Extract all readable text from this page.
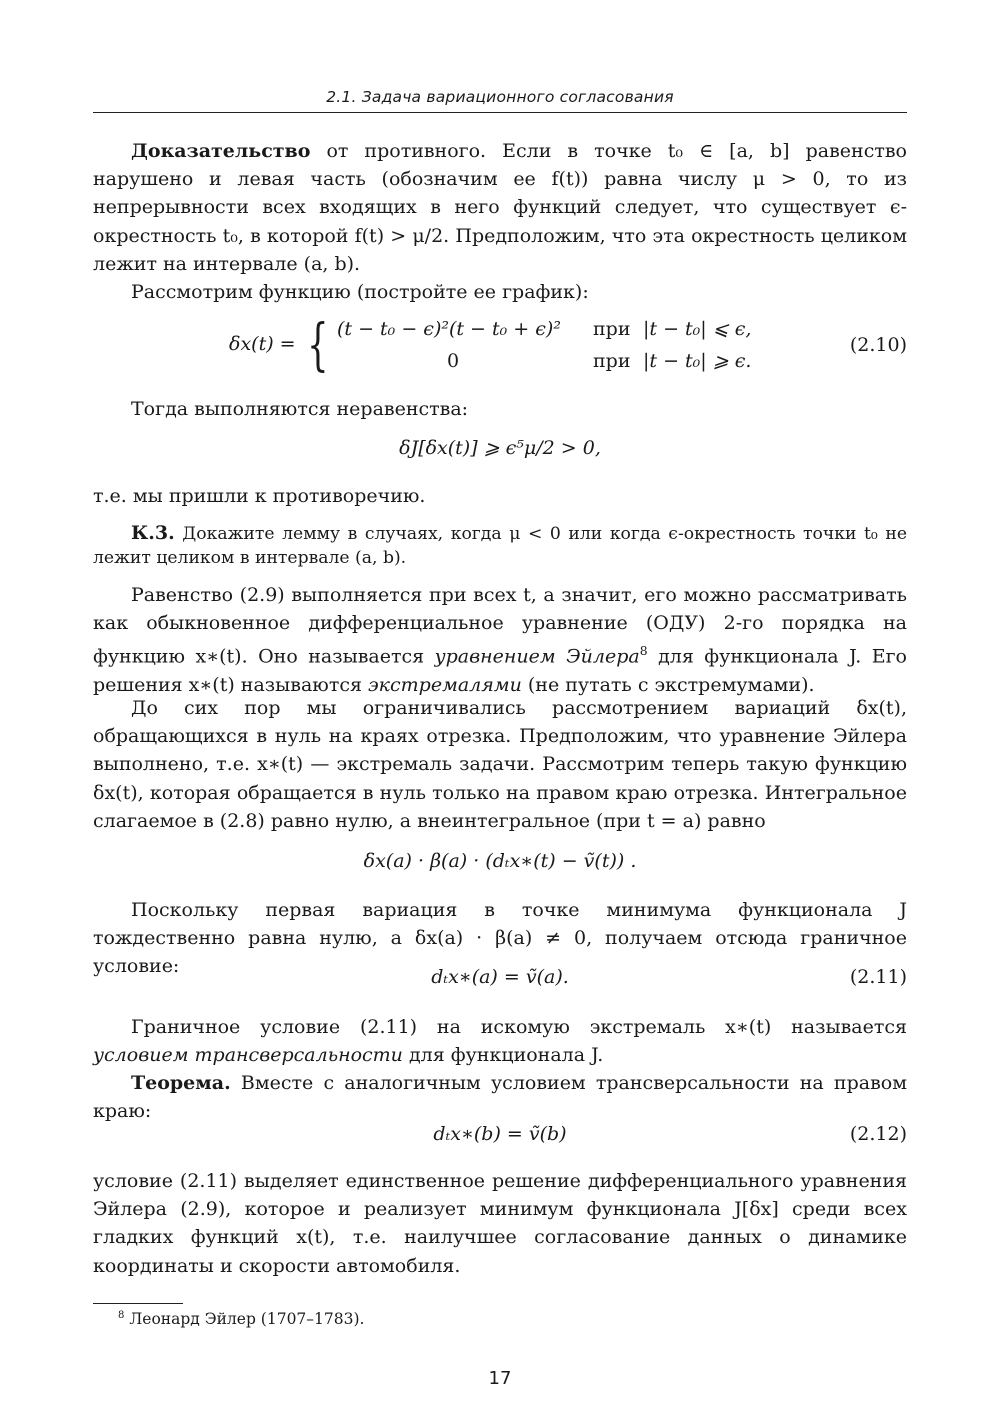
2.1. Задача вариационного согласования

Доказательство от противного. Если в точке t₀ ∈ [a, b] равенство нарушено и левая часть (обозначим ее f(t)) равна числу μ > 0, то из непрерывности всех входящих в него функций следует, что существует ϵ-окрестность t₀, в которой f(t) > μ/2. Предположим, что эта окрестность целиком лежит на интервале (a, b).

Рассмотрим функцию (постройте ее график):

δx(t) = { (t − t₀ − ϵ)²(t − t₀ + ϵ)² при |t − t₀| ⩽ ϵ,
0	при |t − t₀| ⩾ ϵ.
(2.10)

Тогда выполняются неравенства:

δJ[δx(t)] ⩾ ϵ⁵μ/2 > 0,

т.е. мы пришли к противоречию.

К.3. Докажите лемму в случаях, когда μ < 0 или когда ϵ-окрестность точки t₀ не лежит целиком в интервале (a, b).

Равенство (2.9) выполняется при всех t, а значит, его можно рассматривать как обыкновенное дифференциальное уравнение (ОДУ) 2-го порядка на функцию x∗(t). Оно называется уравнением Эйлера$^8$ для функционала J. Его решения x∗(t) называются экстремалями (не путать с экстремумами).

До сих пор мы ограничивались рассмотрением вариаций δx(t), обращающихся в нуль на краях отрезка. Предположим, что уравнение Эйлера выполнено, т.е. x∗(t) — экстремаль задачи. Рассмотрим теперь такую функцию δx(t), которая обращается в нуль только на правом краю отрезка. Интегральное слагаемое в (2.8) равно нулю, а внеинтегральное (при t = a) равно

δx(a) · β(a) · (dₜx∗(t) − ṽ(t)) .

Поскольку первая вариация в точке минимума функционала J тождественно равна нулю, а δx(a) · β(a) ≠ 0, получаем отсюда граничное условие:	dₜx∗(a) = ṽ(a).	(2.11)

Граничное условие (2.11) на искомую экстремаль x∗(t) называется условием трансверсальности для функционала J.

Теорема. Вместе с аналогичным условием трансверсальности на правом краю:

dₜx∗(b) = ṽ(b)	(2.12)

условие (2.11) выделяет единственное решение дифференциального уравнения Эйлера (2.9), которое и реализует минимум функционала J[δx] среди всех гладких функций x(t), т.е. наилучшее согласование данных о динамике координаты и скорости автомобиля.

$^8$ Леонард Эйлер (1707–1783).
17
